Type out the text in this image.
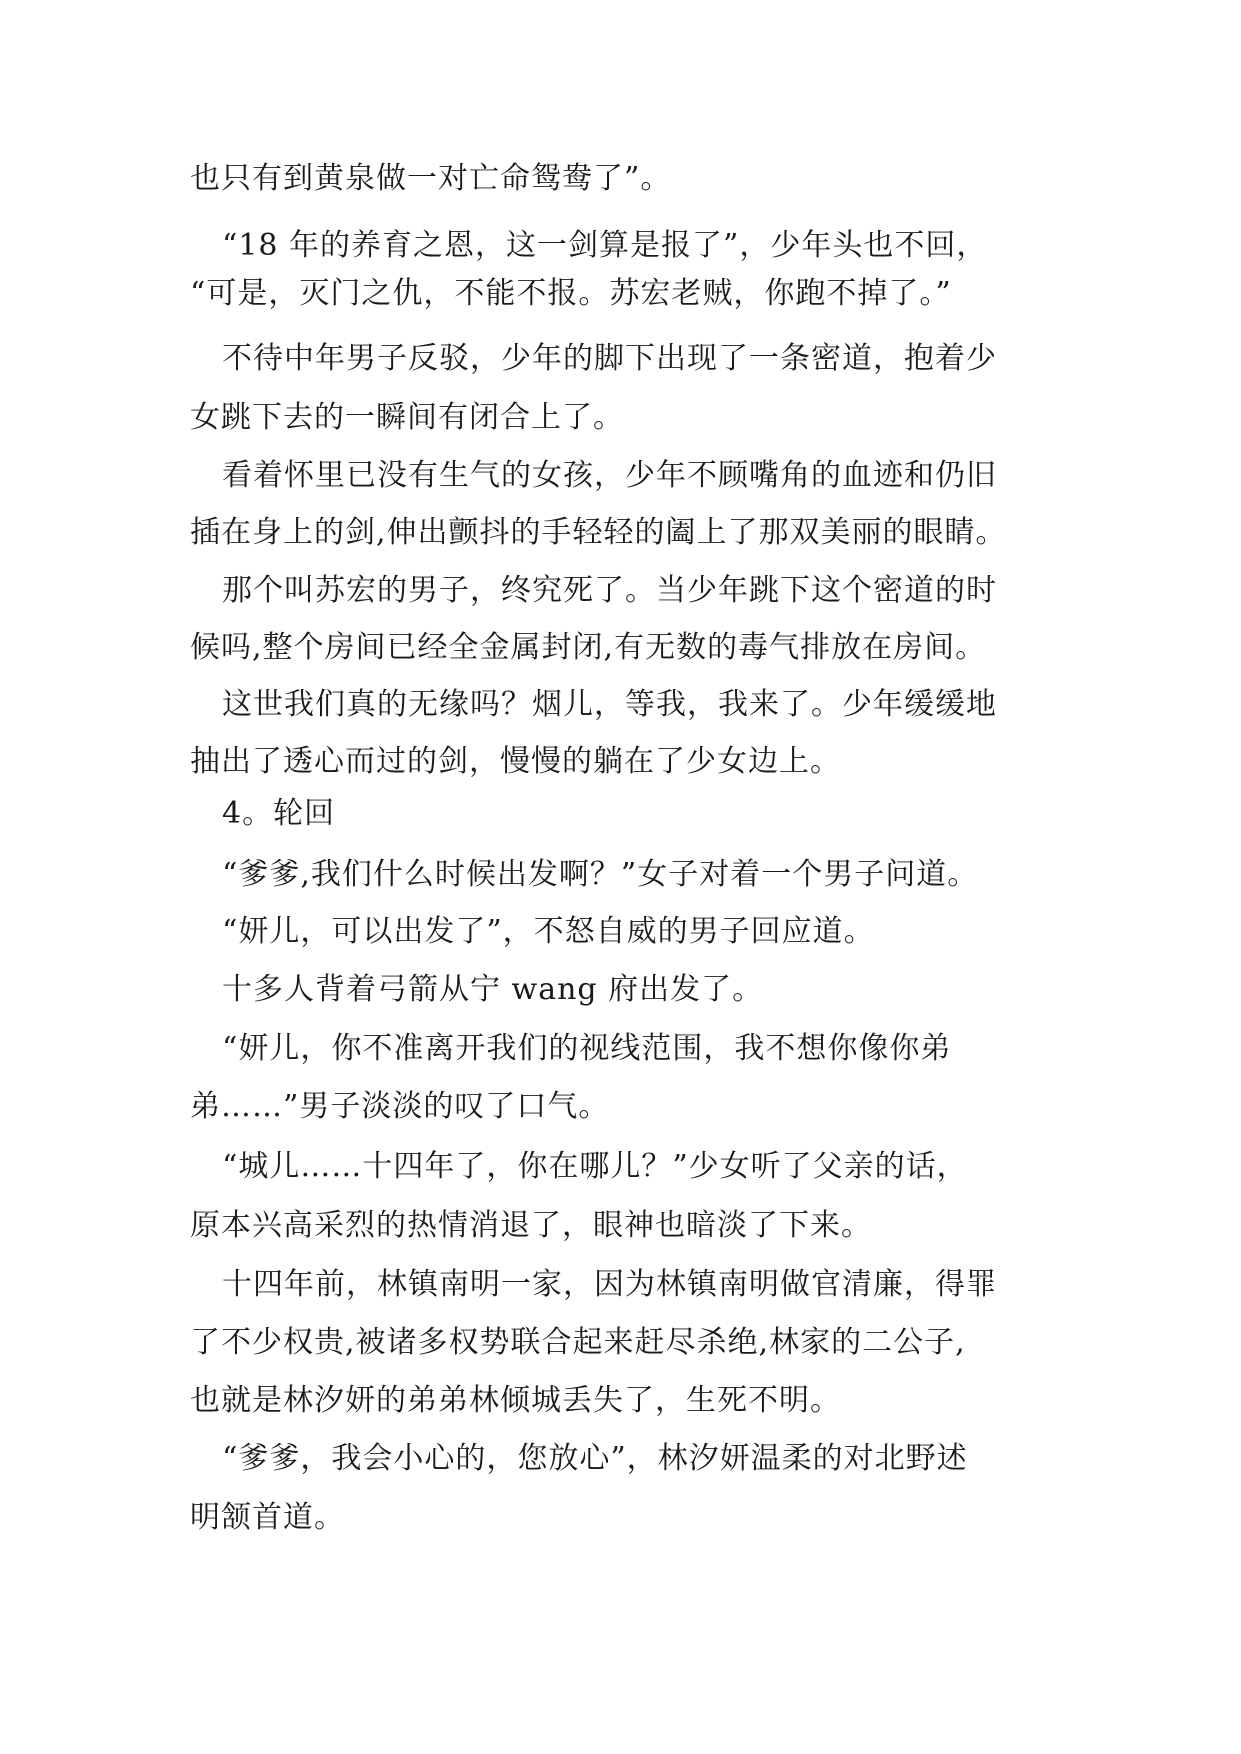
也只有到黄泉做一对亡命鸳鸯了”。
“18 年的养育之恩，这一剑算是报了”，少年头也不回，
“可是，灭门之仇，不能不报。苏宏老贼，你跑不掉了。”
不待中年男子反驳，少年的脚下出现了一条密道，抱着少
女跳下去的一瞬间有闭合上了。
看着怀里已没有生气的女孩，少年不顾嘴角的血迹和仍旧
插在身上的剑,伸出颤抖的手轻轻的阖上了那双美丽的眼睛。
那个叫苏宏的男子，终究死了。当少年跳下这个密道的时
候吗,整个房间已经全金属封闭,有无数的毒气排放在房间。
这世我们真的无缘吗？烟儿，等我，我来了。少年缓缓地
抽出了透心而过的剑，慢慢的躺在了少女边上。
4。轮回
“爹爹,我们什么时候出发啊？”女子对着一个男子问道。
“妍儿，可以出发了”，不怒自威的男子回应道。
十多人背着弓箭从宁 wang 府出发了。
“妍儿，你不准离开我们的视线范围，我不想你像你弟
弟……”男子淡淡的叹了口气。
“城儿……十四年了，你在哪儿？”少女听了父亲的话，
原本兴高采烈的热情消退了，眼神也暗淡了下来。
十四年前，林镇南明一家，因为林镇南明做官清廉，得罪
了不少权贵,被诸多权势联合起来赶尽杀绝,林家的二公子,
也就是林汐妍的弟弟林倾城丢失了，生死不明。
“爹爹，我会小心的，您放心”，林汐妍温柔的对北野述
明颔首道。
